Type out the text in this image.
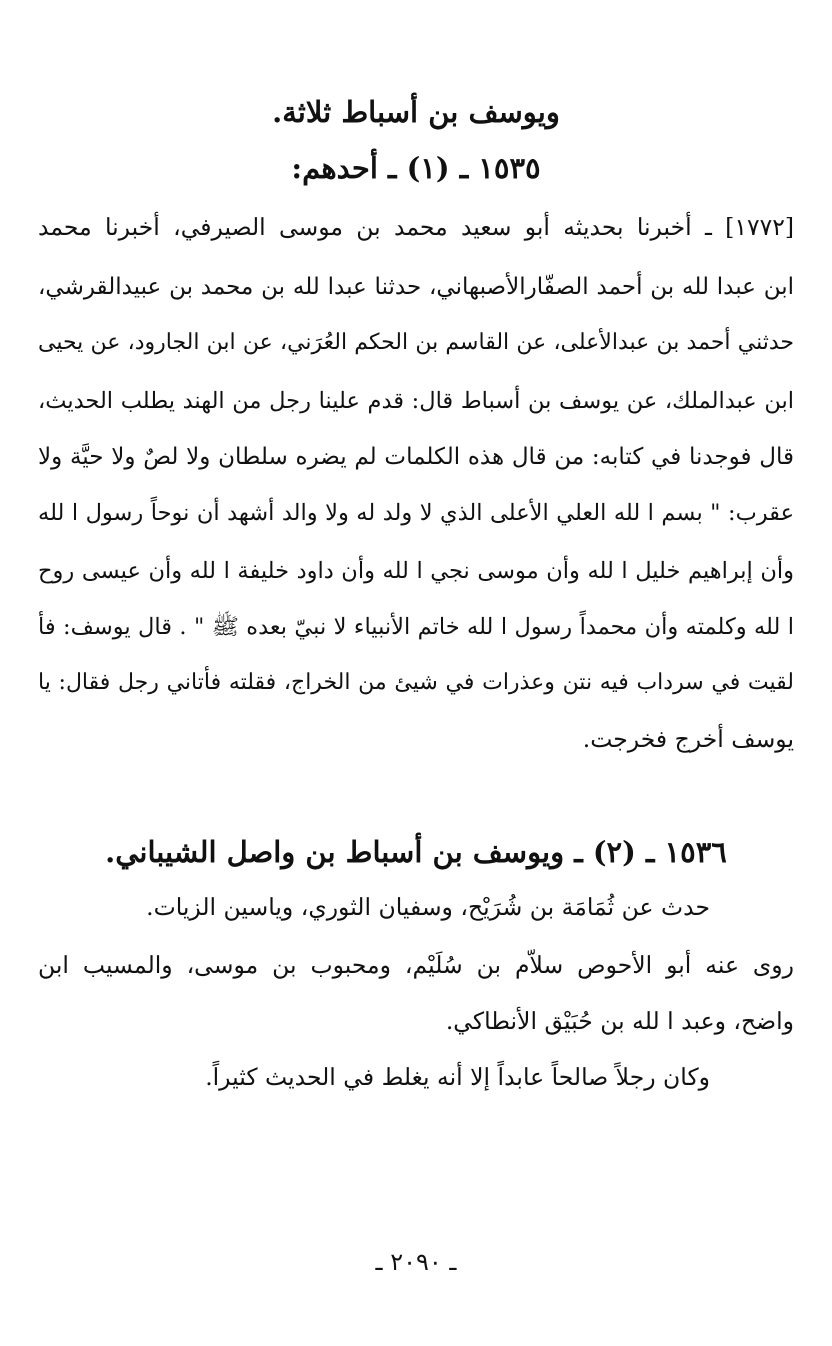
ويوسف بن أسباط ثلاثة.
١٥٣٥ ـ (١) ـ أحدهم:
[١٧٧٢] ـ أخبرنا بحديثه أبو سعيد محمد بن موسى الصيرفي، أخبرنا محمد
ابن عبدا لله بن أحمد الصفّارالأصبهاني، حدثنا عبدا لله بن محمد بن عبيدالقرشي،
حدثني أحمد بن عبدالأعلى، عن القاسم بن الحكم العُرَني، عن ابن الجارود، عن يحيى
ابن عبدالملك، عن يوسف بن أسباط قال: قدم علينا رجل من الهند يطلب الحديث،
قال فوجدنا في كتابه: من قال هذه الكلمات لم يضره سلطان ولا لصٌ ولا حيَّة ولا
عقرب: " بسم ا لله العلي الأعلى الذي لا ولد له ولا والد أشهد أن نوحاً رسول ا لله
وأن إبراهيم خليل ا لله وأن موسى نجي ا لله وأن داود خليفة ا لله وأن عيسى روح
ا لله وكلمته وأن محمداً رسول ا لله خاتم الأنبياء لا نبيّ بعده ﷺ " . قال يوسف: فأ
لقيت في سرداب فيه نتن وعذرات في شيئ من الخراج، فقلته فأتاني رجل فقال: يا
يوسف أخرج فخرجت.
١٥٣٦ ـ (٢) ـ ويوسف بن أسباط بن واصل الشيباني.
حدث عن ثُمَامَة بن شُرَيْح، وسفيان الثوري، وياسين الزيات.
روى عنه أبو الأحوص سلاّم بن سُلَيْم، ومحبوب بن موسى، والمسيب ابن
واضح، وعبد ا لله بن حُبَيْق الأنطاكي.
وكان رجلاً صالحاً عابداً إلا أنه يغلط في الحديث كثيراً.
ـ ٢٠٩٠ ـ
